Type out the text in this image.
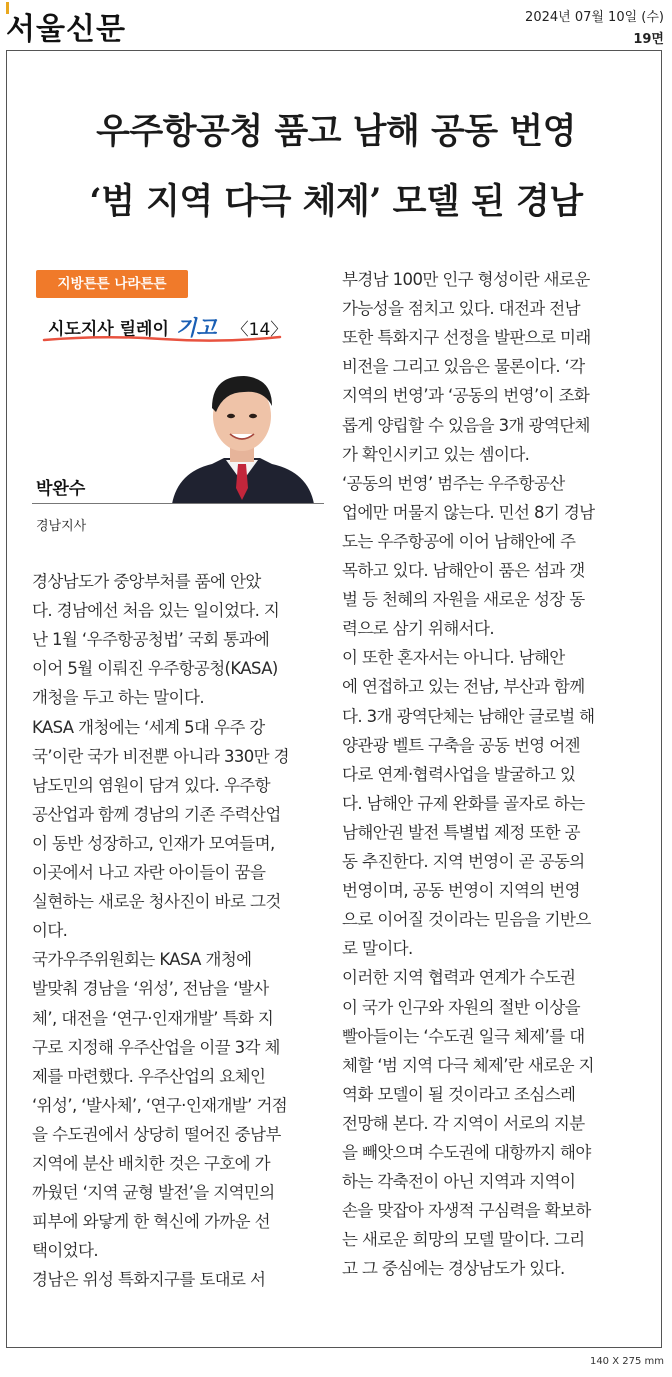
서울신문	2024년 07월 10일 (수)
19면
우주항공청 품고 남해 공동 번영
‘범 지역 다극 체제’ 모델 된 경남
지방튼튼 나라튼튼
시도지사 릴레이 기고 〈14〉
박완수
경남지사
경상남도가 중앙부처를 품에 안았
다. 경남에선 처음 있는 일이었다. 지
난 1월 ‘우주항공청법’ 국회 통과에
이어 5월 이뤄진 우주항공청(KASA)
개청을 두고 하는 말이다.
KASA 개청에는 ‘세계 5대 우주 강
국’이란 국가 비전뿐 아니라 330만 경
남도민의 염원이 담겨 있다. 우주항
공산업과 함께 경남의 기존 주력산업
이 동반 성장하고, 인재가 모여들며,
이곳에서 나고 자란 아이들이 꿈을
실현하는 새로운 청사진이 바로 그것
이다.
국가우주위원회는 KASA 개청에
발맞춰 경남을 ‘위성’, 전남을 ‘발사
체’, 대전을 ‘연구·인재개발’ 특화 지
구로 지정해 우주산업을 이끌 3각 체
제를 마련했다. 우주산업의 요체인
‘위성’, ‘발사체’, ‘연구·인재개발’ 거점
을 수도권에서 상당히 떨어진 중남부
지역에 분산 배치한 것은 구호에 가
까웠던 ‘지역 균형 발전’을 지역민의
피부에 와닿게 한 혁신에 가까운 선
택이었다.
경남은 위성 특화지구를 토대로 서
부경남 100만 인구 형성이란 새로운
가능성을 점치고 있다. 대전과 전남
또한 특화지구 선정을 발판으로 미래
비전을 그리고 있음은 물론이다. ‘각
지역의 번영’과 ‘공동의 번영’이 조화
롭게 양립할 수 있음을 3개 광역단체
가 확인시키고 있는 셈이다.
‘공동의 번영’ 범주는 우주항공산
업에만 머물지 않는다. 민선 8기 경남
도는 우주항공에 이어 남해안에 주
목하고 있다. 남해안이 품은 섬과 갯
벌 등 천혜의 자원을 새로운 성장 동
력으로 삼기 위해서다.
이 또한 혼자서는 아니다. 남해안
에 연접하고 있는 전남, 부산과 함께
다. 3개 광역단체는 남해안 글로벌 해
양관광 벨트 구축을 공동 번영 어젠
다로 연계·협력사업을 발굴하고 있
다. 남해안 규제 완화를 골자로 하는
남해안권 발전 특별법 제정 또한 공
동 추진한다. 지역 번영이 곧 공동의
번영이며, 공동 번영이 지역의 번영
으로 이어질 것이라는 믿음을 기반으
로 말이다.
이러한 지역 협력과 연계가 수도권
이 국가 인구와 자원의 절반 이상을
빨아들이는 ‘수도권 일극 체제’를 대
체할 ‘범 지역 다극 체제’란 새로운 지
역화 모델이 될 것이라고 조심스레
전망해 본다. 각 지역이 서로의 지분
을 빼앗으며 수도권에 대항까지 해야
하는 각축전이 아닌 지역과 지역이
손을 맞잡아 자생적 구심력을 확보하
는 새로운 희망의 모델 말이다. 그리
고 그 중심에는 경상남도가 있다.
140 X 275 mm
